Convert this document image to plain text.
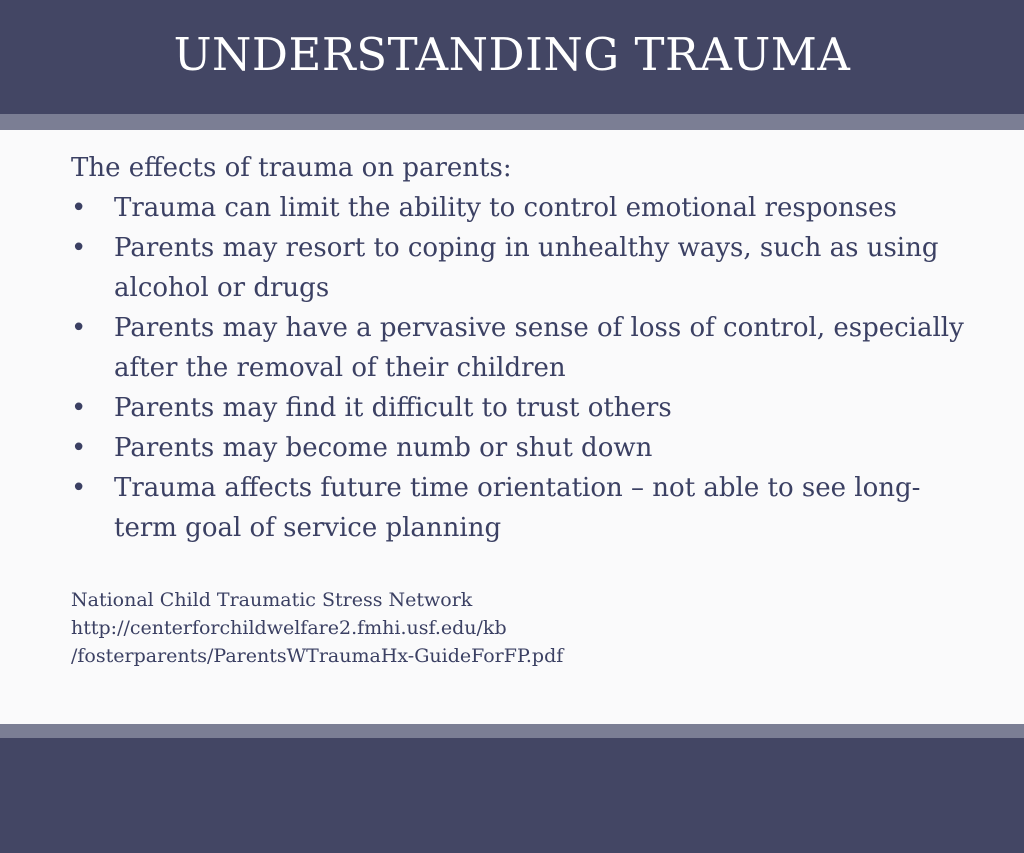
UNDERSTANDING TRAUMA

The effects of trauma on parents:

• Trauma can limit the ability to control emotional responses
• Parents may resort to coping in unhealthy ways, such as using alcohol or drugs
• Parents may have a pervasive sense of loss of control, especially after the removal of their children
• Parents may find it difficult to trust others
• Parents may become numb or shut down
• Trauma affects future time orientation – not able to see long-term goal of service planning
National Child Traumatic Stress Network
http://centerforchildwelfare2.fmhi.usf.edu/kb
/fosterparents/ParentsWTraumaHx-GuideForFP.pdf
